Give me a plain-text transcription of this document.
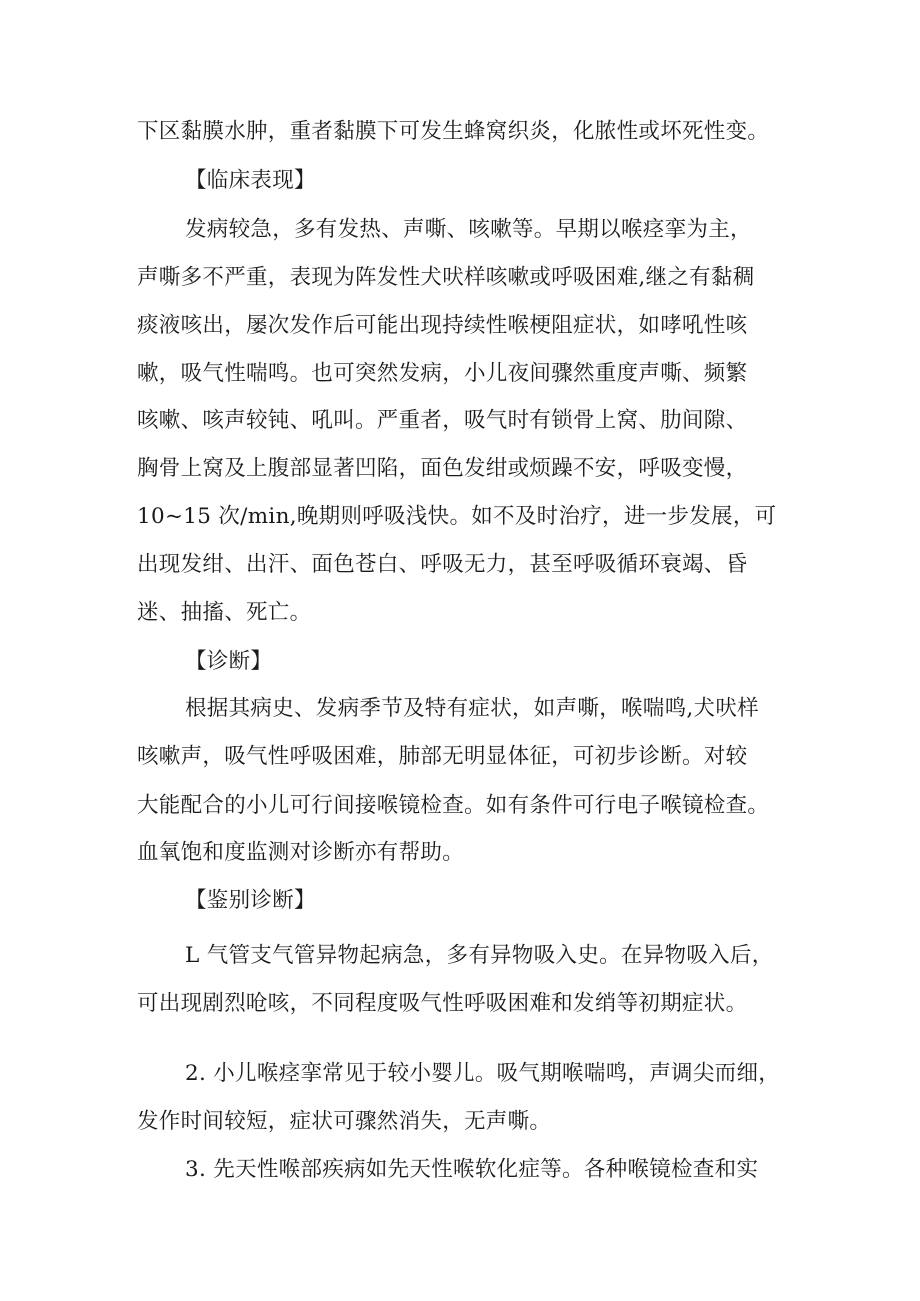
下区黏膜水肿，重者黏膜下可发生蜂窝织炎，化脓性或坏死性变。
【临床表现】
发病较急，多有发热、声嘶、咳嗽等。早期以喉痉挛为主，
声嘶多不严重，表现为阵发性犬吠样咳嗽或呼吸困难,继之有黏稠
痰液咳出，屡次发作后可能出现持续性喉梗阻症状，如哮吼性咳
嗽，吸气性喘鸣。也可突然发病，小儿夜间骤然重度声嘶、频繁
咳嗽、咳声较钝、吼叫。严重者，吸气时有锁骨上窝、肋间隙、
胸骨上窝及上腹部显著凹陷，面色发绀或烦躁不安，呼吸变慢，
10~15 次/min,晚期则呼吸浅快。如不及时治疗，进一步发展，可
出现发绀、出汗、面色苍白、呼吸无力，甚至呼吸循环衰竭、昏
迷、抽搐、死亡。
【诊断】
根据其病史、发病季节及特有症状，如声嘶，喉喘鸣,犬吠样
咳嗽声，吸气性呼吸困难，肺部无明显体征，可初步诊断。对较
大能配合的小儿可行间接喉镜检查。如有条件可行电子喉镜检查。
血氧饱和度监测对诊断亦有帮助。
【鉴别诊断】
L 气管支气管异物起病急，多有异物吸入史。在异物吸入后，
可出现剧烈呛咳，不同程度吸气性呼吸困难和发绡等初期症状。
2. 小儿喉痉挛常见于较小婴儿。吸气期喉喘鸣，声调尖而细，
发作时间较短，症状可骤然消失，无声嘶。
3. 先天性喉部疾病如先天性喉软化症等。各种喉镜检查和实
